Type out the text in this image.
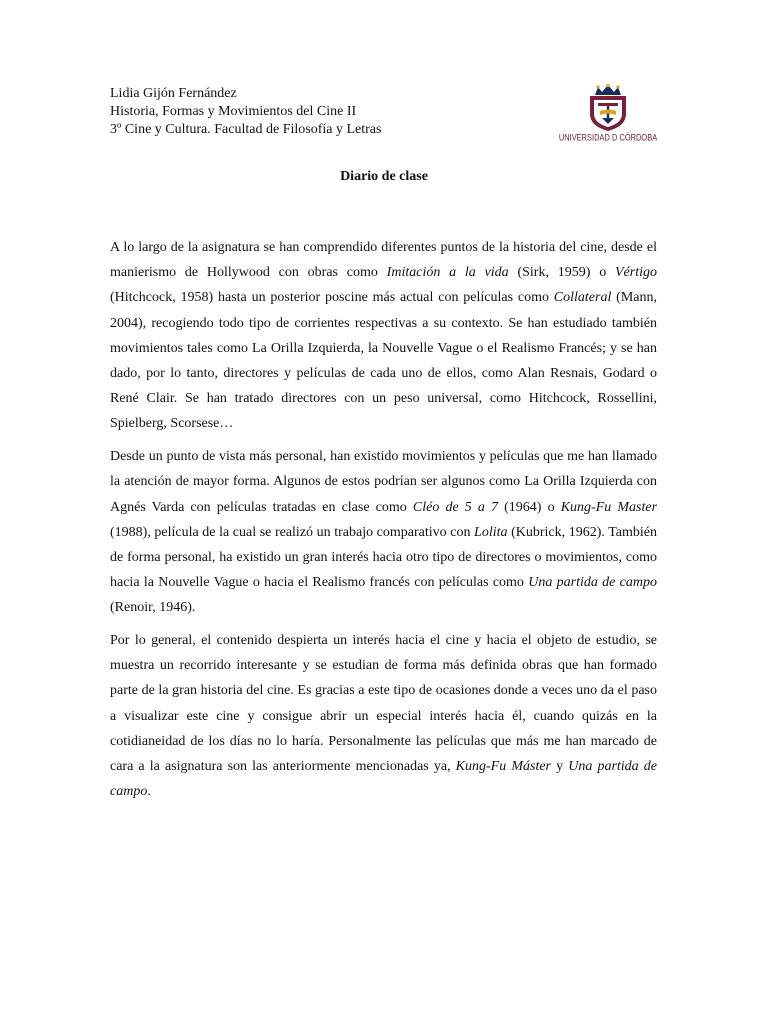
Lidia Gijón Fernández
Historia, Formas y Movimientos del Cine II
3º Cine y Cultura. Facultad de Filosofía y Letras
UNIVERSIDAD D CÓRDOBA
Diario de clase

A lo largo de la asignatura se han comprendido diferentes puntos de la historia del cine, desde el manierismo de Hollywood con obras como Imitación a la vida (Sirk, 1959) o Vértigo (Hitchcock, 1958) hasta un posterior poscine más actual con películas como Collateral (Mann, 2004), recogiendo todo tipo de corrientes respectivas a su contexto. Se han estudiado también movimientos tales como La Orilla Izquierda, la Nouvelle Vague o el Realismo Francés; y se han dado, por lo tanto, directores y películas de cada uno de ellos, como Alan Resnais, Godard o René Clair. Se han tratado directores con un peso universal, como Hitchcock, Rossellini, Spielberg, Scorsese…

Desde un punto de vista más personal, han existido movimientos y películas que me han llamado la atención de mayor forma. Algunos de estos podrían ser algunos como La Orilla Izquierda con Agnés Varda con películas tratadas en clase como Cléo de 5 a 7 (1964) o Kung-Fu Master (1988), película de la cual se realizó un trabajo comparativo con Lolita (Kubrick, 1962). También de forma personal, ha existido un gran interés hacia otro tipo de directores o movimientos, como hacia la Nouvelle Vague o hacia el Realismo francés con películas como Una partida de campo (Renoir, 1946).

Por lo general, el contenido despierta un interés hacia el cine y hacia el objeto de estudio, se muestra un recorrido interesante y se estudian de forma más definida obras que han formado parte de la gran historia del cine. Es gracias a este tipo de ocasiones donde a veces uno da el paso a visualizar este cine y consigue abrir un especial interés hacia él, cuando quizás en la cotidianeidad de los días no lo haría. Personalmente las películas que más me han marcado de cara a la asignatura son las anteriormente mencionadas ya, Kung-Fu Máster y Una partida de campo.
